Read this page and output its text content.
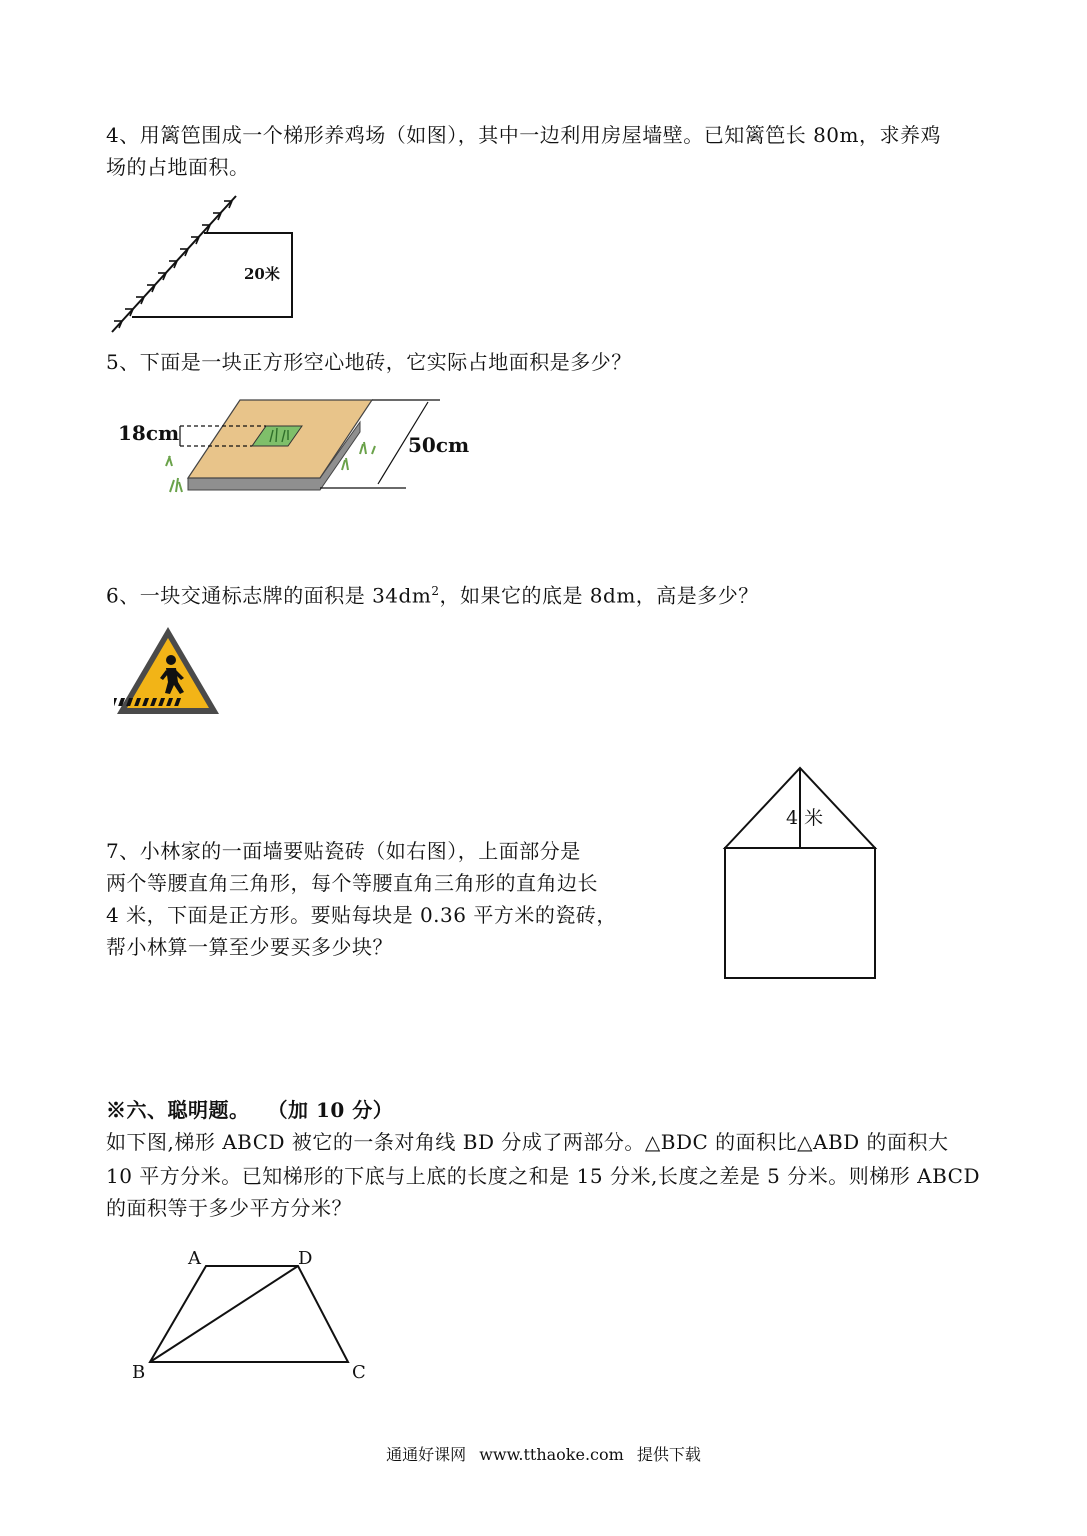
4、用篱笆围成一个梯形养鸡场（如图），其中一边利用房屋墙壁。已知篱笆长 80m，求养鸡
场的占地面积。
20米
5、下面是一块正方形空心地砖，它实际占地面积是多少？
18cm	50cm
6、一块交通标志牌的面积是 $34dm^2$，如果它的底是 8dm，高是多少？
7、小林家的一面墙要贴瓷砖（如右图），上面部分是
两个等腰直角三角形，每个等腰直角三角形的直角边长
4 米，下面是正方形。要贴每块是 0.36 平方米的瓷砖，
帮小林算一算至少要买多少块？
4 米
※六、聪明题。 （加 10 分）
如下图,梯形 ABCD 被它的一条对角线 BD 分成了两部分。△BDC 的面积比△ABD 的面积大
10 平方分米。已知梯形的下底与上底的长度之和是 15 分米,长度之差是 5 分米。则梯形 ABCD
的面积等于多少平方分米？
A	D
B	C
通通好课网 www.tthaoke.com 提供下载
